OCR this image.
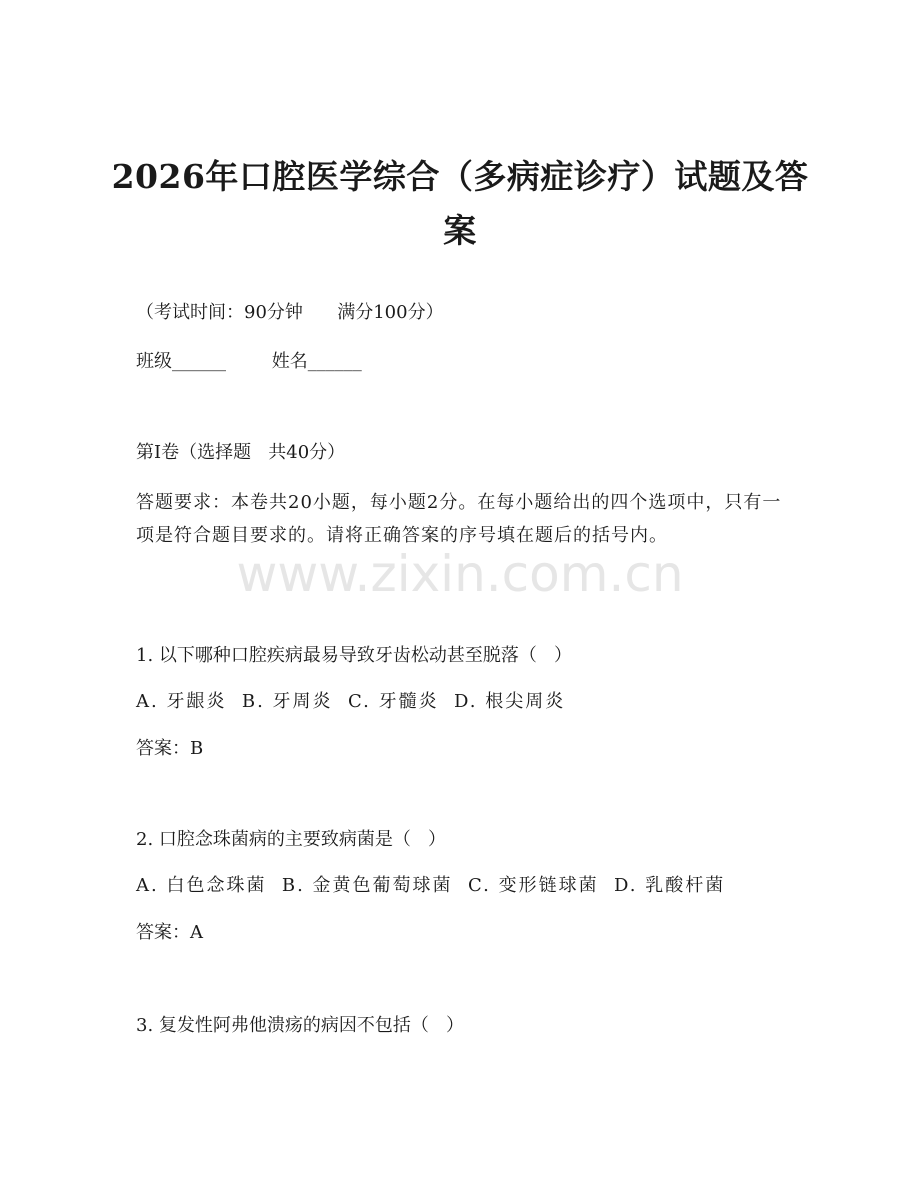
2026年口腔医学综合（多病症诊疗）试题及答案
（考试时间：90分钟      满分100分）
班级______        姓名______
第Ⅰ卷（选择题   共40分）

答题要求：本卷共20小题，每小题2分。在每小题给出的四个选项中，只有一项是符合题目要求的。请将正确答案的序号填在题后的括号内。

www.zixin.com.cn
1. 以下哪种口腔疾病最易导致牙齿松动甚至脱落（   ）
A. 牙龈炎  B. 牙周炎  C. 牙髓炎  D. 根尖周炎
答案：B
2. 口腔念珠菌病的主要致病菌是（   ）
A. 白色念珠菌  B. 金黄色葡萄球菌  C. 变形链球菌  D. 乳酸杆菌
答案：A
3. 复发性阿弗他溃疡的病因不包括（   ）
